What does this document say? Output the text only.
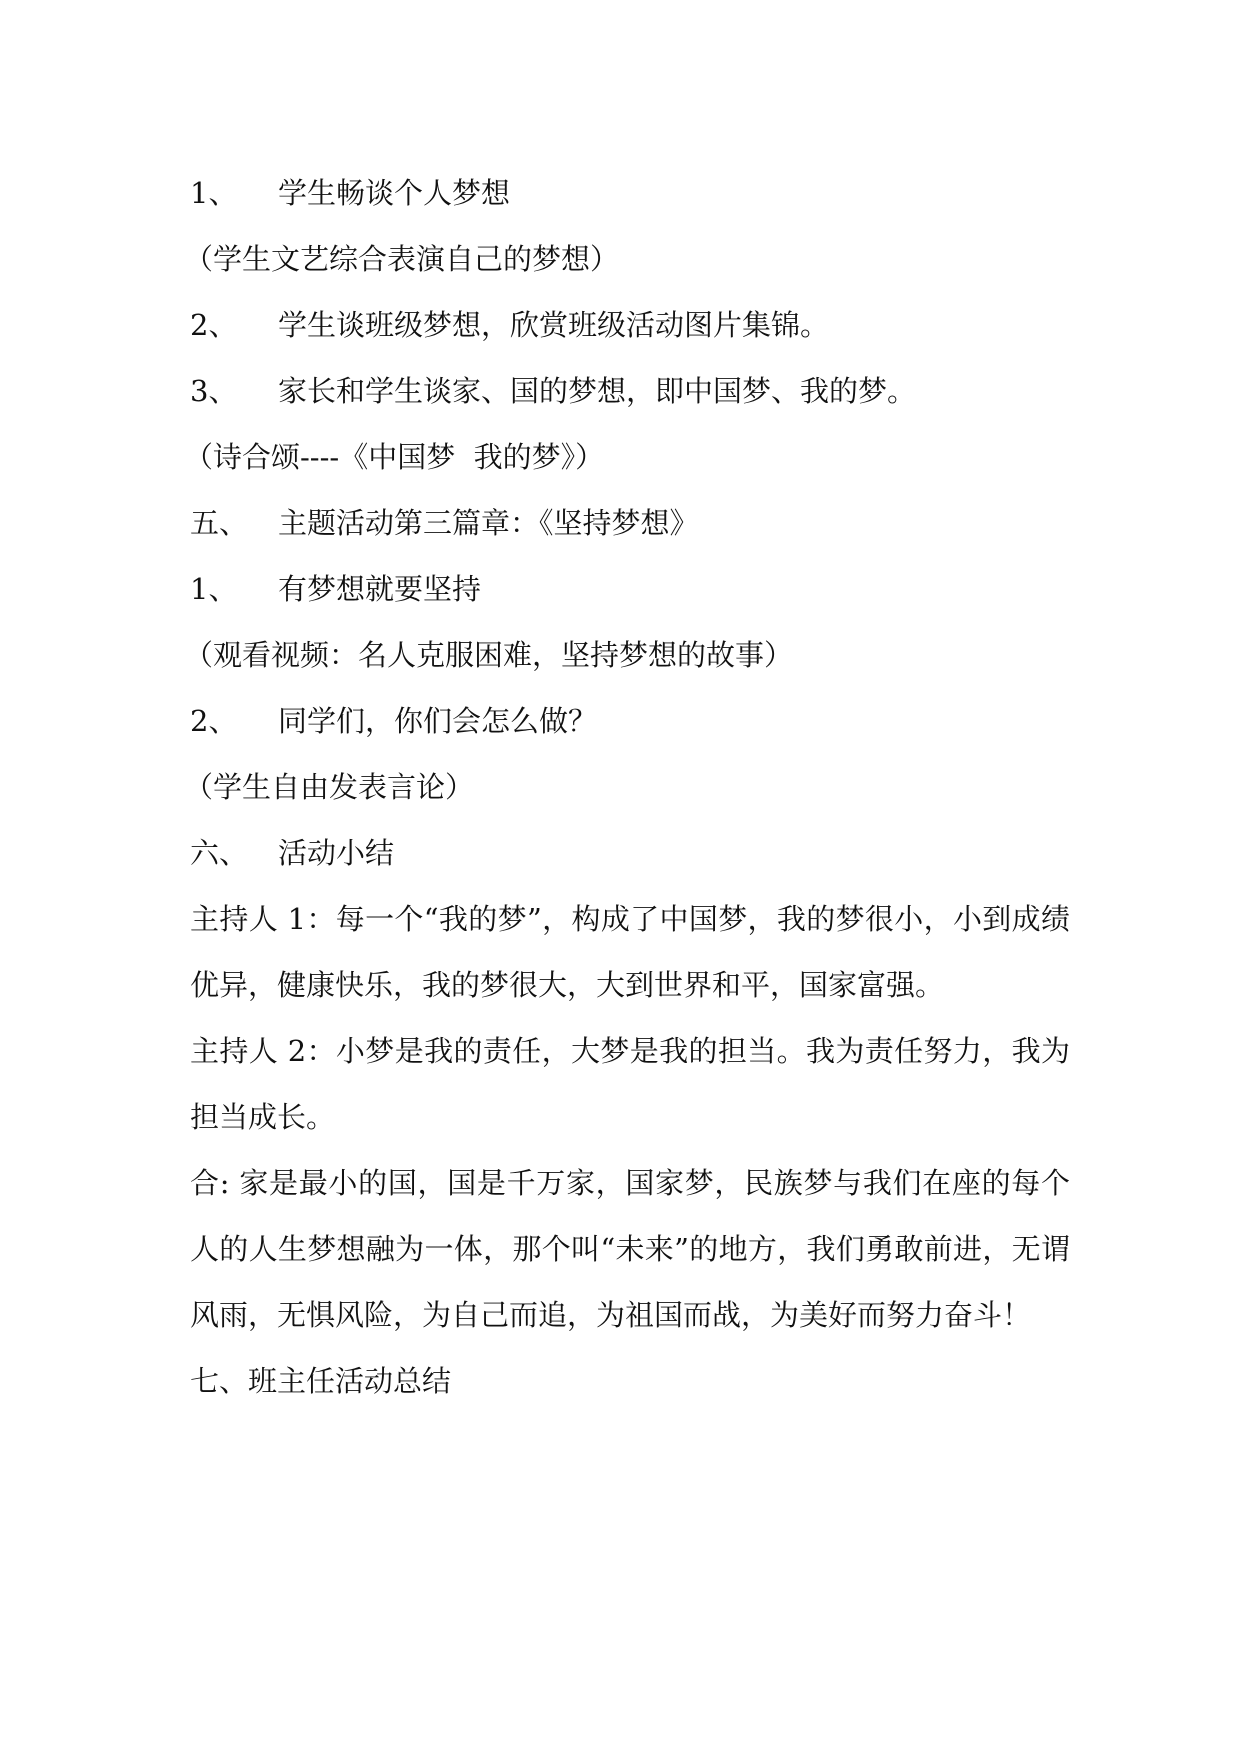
1、 学生畅谈个人梦想

（学生文艺综合表演自己的梦想）

2、 学生谈班级梦想，欣赏班级活动图片集锦。

3、 家长和学生谈家、国的梦想，即中国梦、我的梦。

（诗合颂----《中国梦  我的梦》）

五、 主题活动第三篇章：《坚持梦想》

1、 有梦想就要坚持

（观看视频：名人克服困难，坚持梦想的故事）

2、 同学们，你们会怎么做？

（学生自由发表言论）

六、 活动小结

主持人 1：每一个“我的梦”，构成了中国梦，我的梦很小，小到成绩优异，健康快乐，我的梦很大，大到世界和平，国家富强。

主持人 2：小梦是我的责任，大梦是我的担当。我为责任努力，我为担当成长。

合: 家是最小的国，国是千万家，国家梦，民族梦与我们在座的每个人的人生梦想融为一体，那个叫“未来”的地方，我们勇敢前进，无谓风雨，无惧风险，为自己而追，为祖国而战，为美好而努力奋斗！

七、班主任活动总结
